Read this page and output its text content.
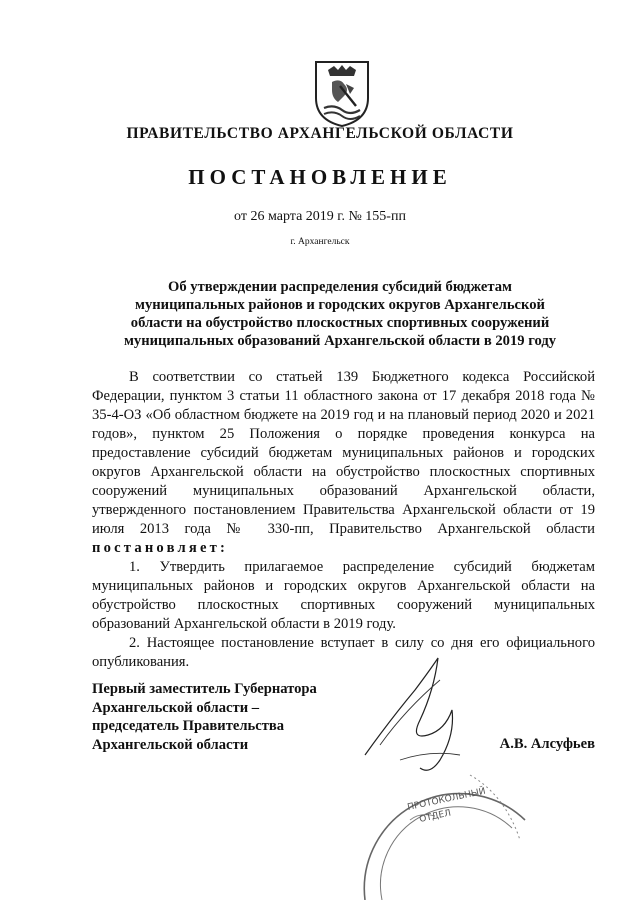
ПРАВИТЕЛЬСТВО АРХАНГЕЛЬСКОЙ ОБЛАСТИ
ПОСТАНОВЛЕНИЕ
от 26 марта 2019 г. № 155-пп
г. Архангельск
Об утверждении распределения субсидий бюджетам
муниципальных районов и городских округов Архангельской
области на обустройство плоскостных спортивных сооружений
муниципальных образований Архангельской области в 2019 году

В соответствии со статьей 139 Бюджетного кодекса Российской Федерации, пунктом 3 статьи 11 областного закона от 17 декабря 2018 года № 35-4-ОЗ «Об областном бюджете на 2019 год и на плановый период 2020 и 2021 годов», пунктом 25 Положения о порядке проведения конкурса на предоставление субсидий бюджетам муниципальных районов и городских округов Архангельской области на обустройство плоскостных спортивных сооружений муниципальных образований Архангельской области, утвержденного постановлением Правительства Архангельской области от 19 июля 2013 года № 330-пп, Правительство Архангельской области постановляет:

1. Утвердить прилагаемое распределение субсидий бюджетам муниципальных районов и городских округов Архангельской области на обустройство плоскостных спортивных сооружений муниципальных образований Архангельской области в 2019 году.

2. Настоящее постановление вступает в силу со дня его официального опубликования.

ПРОТОКОЛЬНЫЙ
ОТДЕЛ
Первый заместитель Губернатора
Архангельской области –
председатель Правительства
Архангельской области	А.В. Алсуфьев
